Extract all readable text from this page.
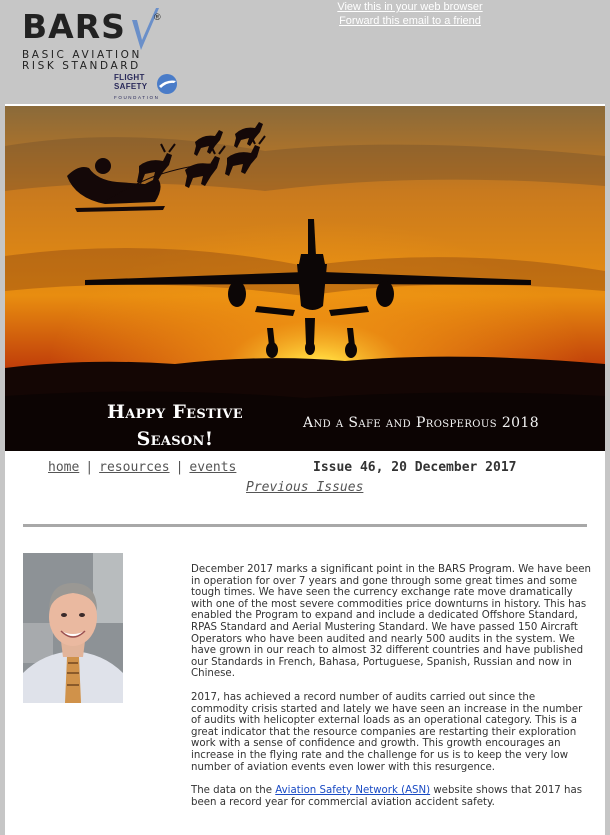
BARS	®
BASIC AVIATION
RISK STANDARD
FLIGHT
SAFETY
FOUNDATION
View this in your web browser
Forward this email to a friend
Happy Festive Season!
And a Safe and Prosperous 2018
home | resources | events	Issue 46, 20 December 2017
Previous Issues

December 2017 marks a significant point in the BARS Program. We have been in operation for over 7 years and gone through some great times and some tough times. We have seen the currency exchange rate move dramatically with one of the most severe commodities price downturns in history. This has enabled the Program to expand and include a dedicated Offshore Standard, RPAS Standard and Aerial Mustering Standard. We have passed 150 Aircraft Operators who have been audited and nearly 500 audits in the system. We have grown in our reach to almost 32 different countries and have published our Standards in French, Bahasa, Portuguese, Spanish, Russian and now in Chinese.

2017, has achieved a record number of audits carried out since the commodity crisis started and lately we have seen an increase in the number of audits with helicopter external loads as an operational category. This is a great indicator that the resource companies are restarting their exploration work with a sense of confidence and growth. This growth encourages an increase in the flying rate and the challenge for us is to keep the very low number of aviation events even lower with this resurgence.

The data on the Aviation Safety Network (ASN) website shows that 2017 has been a record year for commercial aviation accident safety.
